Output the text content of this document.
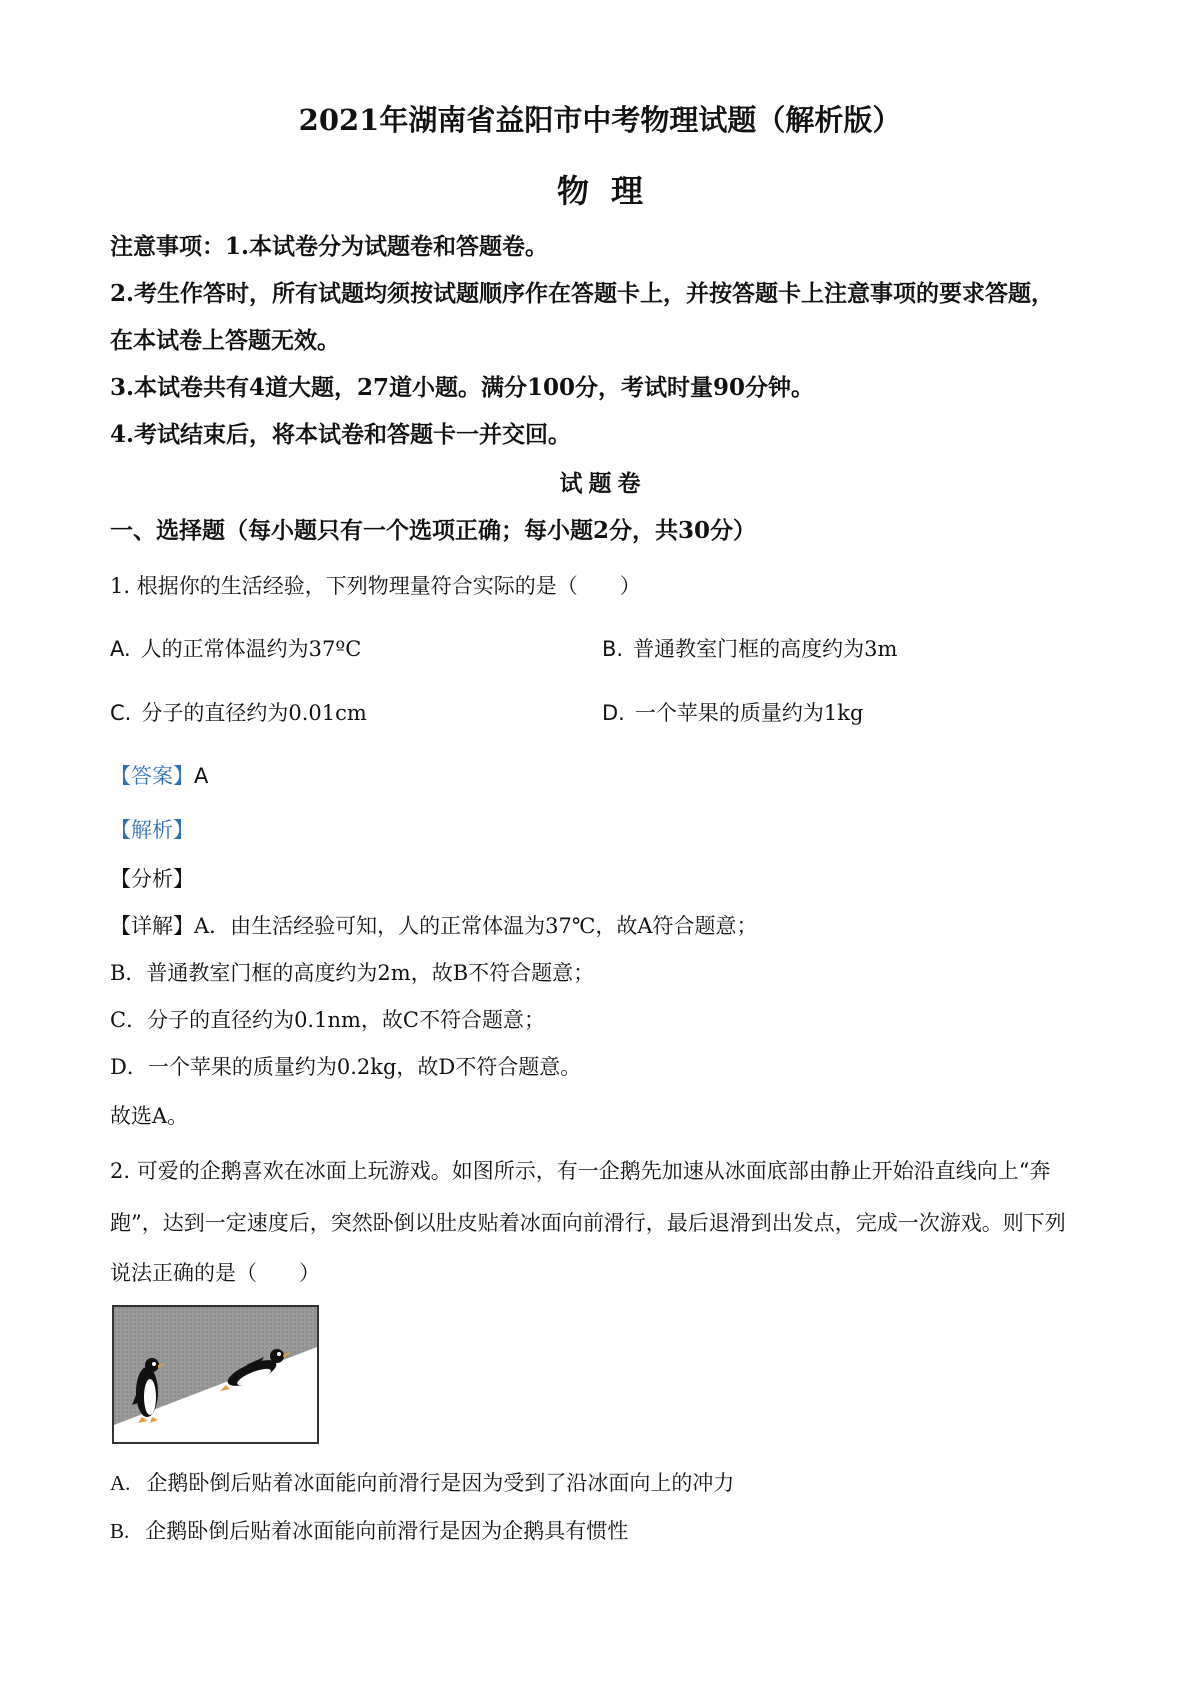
2021年湖南省益阳市中考物理试题（解析版）
物理
注意事项：1.本试卷分为试题卷和答题卷。
2.考生作答时，所有试题均须按试题顺序作在答题卡上，并按答题卡上注意事项的要求答题，
在本试卷上答题无效。
3.本试卷共有4道大题，27道小题。满分100分，考试时量90分钟。
4.考试结束后，将本试卷和答题卡一并交回。
试题卷
一、选择题（每小题只有一个选项正确；每小题2分，共30分）
1. 根据你的生活经验，下列物理量符合实际的是（　　）
A. 人的正常体温约为37ºC	B. 普通教室门框的高度约为3m
C. 分子的直径约为0.01cm	D. 一个苹果的质量约为1kg
【答案】A
【解析】
【分析】
【详解】A．由生活经验可知，人的正常体温为37℃，故A符合题意；
B．普通教室门框的高度约为2m，故B不符合题意；
C．分子的直径约为0.1nm，故C不符合题意；
D．一个苹果的质量约为0.2kg，故D不符合题意。
故选A。
2. 可爱的企鹅喜欢在冰面上玩游戏。如图所示，有一企鹅先加速从冰面底部由静止开始沿直线向上“奔
跑”，达到一定速度后，突然卧倒以肚皮贴着冰面向前滑行，最后退滑到出发点，完成一次游戏。则下列
说法正确的是（　　）
A. 企鹅卧倒后贴着冰面能向前滑行是因为受到了沿冰面向上的冲力
B. 企鹅卧倒后贴着冰面能向前滑行是因为企鹅具有惯性
